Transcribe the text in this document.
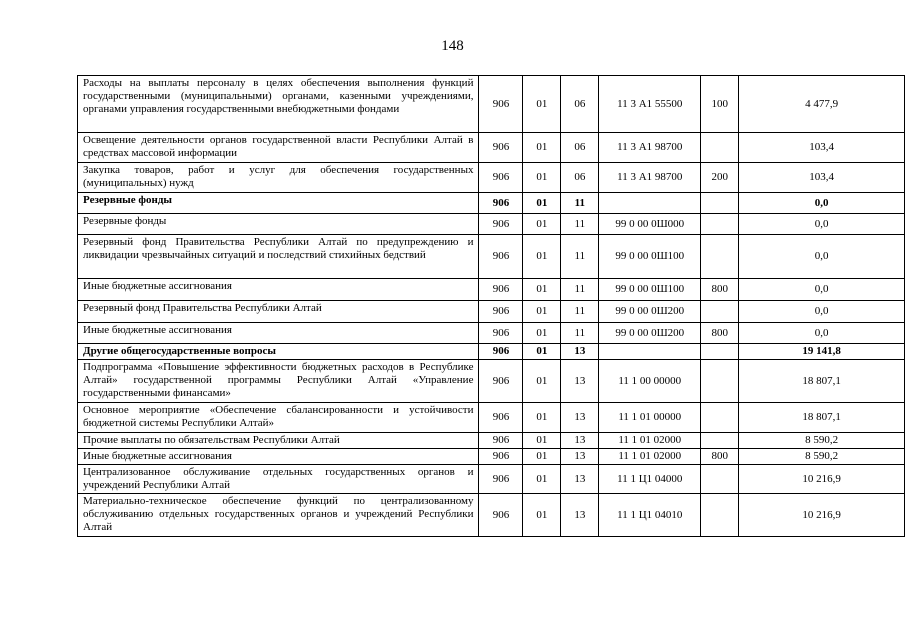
148
Расходы на выплаты персоналу в целях обеспечения выполнения функций государственными (муниципальными) органами, казенными учреждениями, органами управления государственными внебюджетными фондами	906	01	06	11 3 А1 55500	100	4 477,9
Освещение деятельности органов государственной власти Республики Алтай в средствах массовой информации	906	01	06	11 3 А1 98700		103,4
Закупка товаров, работ и услуг для обеспечения государственных (муниципальных) нужд	906	01	06	11 3 А1 98700	200	103,4
Резервные фонды	906	01	11			0,0
Резервные фонды	906	01	11	99 0 00 0Ш000		0,0
Резервный фонд Правительства Республики Алтай по предупреждению и ликвидации чрезвычайных ситуаций и последствий стихийных бедствий	906	01	11	99 0 00 0Ш100		0,0
Иные бюджетные ассигнования	906	01	11	99 0 00 0Ш100	800	0,0
Резервный фонд Правительства Республики Алтай	906	01	11	99 0 00 0Ш200		0,0
Иные бюджетные ассигнования	906	01	11	99 0 00 0Ш200	800	0,0
Другие общегосударственные вопросы	906	01	13			19 141,8
Подпрограмма «Повышение эффективности бюджетных расходов в Республике Алтай» государственной программы Республики Алтай «Управление государственными финансами»	906	01	13	11 1 00 00000		18 807,1
Основное мероприятие «Обеспечение сбалансированности и устойчивости бюджетной системы Республики Алтай»	906	01	13	11 1 01 00000		18 807,1
Прочие выплаты по обязательствам Республики Алтай	906	01	13	11 1 01 02000		8 590,2
Иные бюджетные ассигнования	906	01	13	11 1 01 02000	800	8 590,2
Централизованное обслуживание отдельных государственных органов и учреждений Республики Алтай	906	01	13	11 1 Ц1 04000		10 216,9
Материально-техническое обеспечение функций по централизованному обслуживанию отдельных государственных органов и учреждений Республики Алтай	906	01	13	11 1 Ц1 04010		10 216,9
